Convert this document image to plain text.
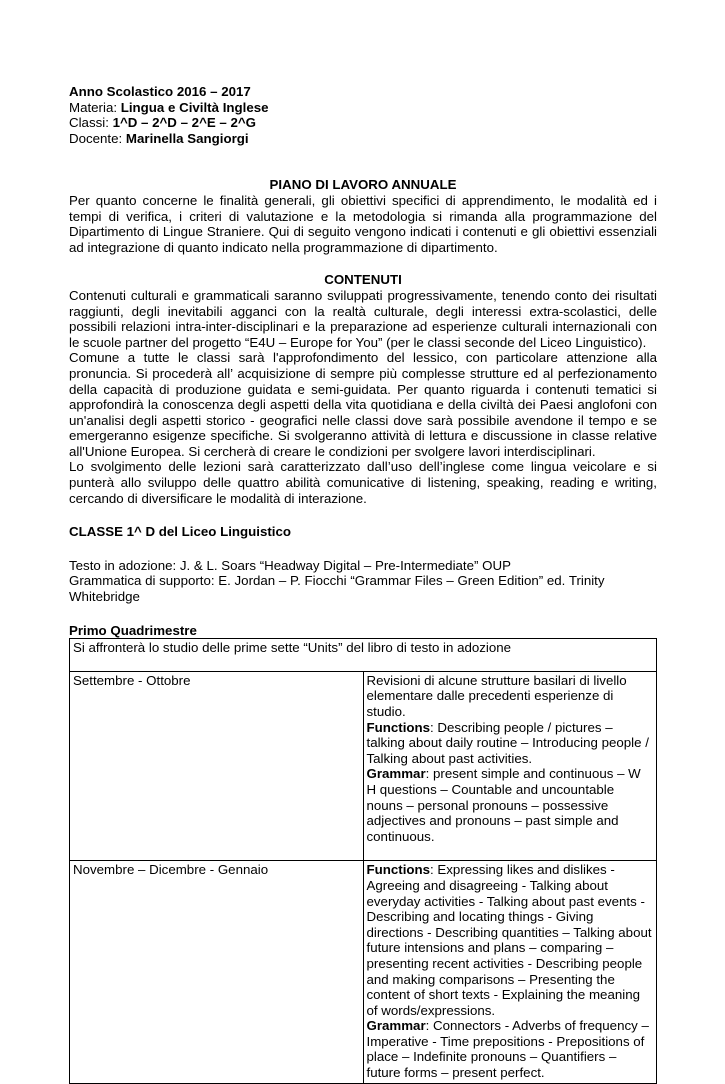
Anno Scolastico 2016 – 2017
Materia: Lingua e Civiltà Inglese
Classi: 1^D – 2^D – 2^E – 2^G
Docente: Marinella Sangiorgi
PIANO DI LAVORO ANNUALE

Per quanto concerne le finalità generali, gli obiettivi specifici di apprendimento, le modalità ed i tempi di verifica, i criteri di valutazione e la metodologia si rimanda alla programmazione del Dipartimento di Lingue Straniere. Qui di seguito vengono indicati i contenuti e gli obiettivi essenziali ad integrazione di quanto indicato nella programmazione di dipartimento.

CONTENUTI

Contenuti culturali e grammaticali saranno sviluppati progressivamente, tenendo conto dei risultati raggiunti, degli inevitabili agganci con la realtà culturale, degli interessi extra-scolastici, delle possibili relazioni intra-inter-disciplinari e la preparazione ad esperienze culturali internazionali con le scuole partner del progetto “E4U – Europe for You” (per le classi seconde del Liceo Linguistico).

Comune a tutte le classi sarà l'approfondimento del lessico, con particolare attenzione alla pronuncia. Si procederà all’ acquisizione di sempre più complesse strutture ed al perfezionamento della capacità di produzione guidata e semi-guidata. Per quanto riguarda i contenuti tematici si approfondirà la conoscenza degli aspetti della vita quotidiana e della civiltà dei Paesi anglofoni con un'analisi degli aspetti storico - geografici nelle classi dove sarà possibile avendone il tempo e se emergeranno esigenze specifiche. Si svolgeranno attività di lettura e discussione in classe relative all'Unione Europea. Si cercherà di creare le condizioni per svolgere lavori interdisciplinari.

Lo svolgimento delle lezioni sarà caratterizzato dall’uso dell’inglese come lingua veicolare e si punterà allo sviluppo delle quattro abilità comunicative di listening, speaking, reading e writing, cercando di diversificare le modalità di interazione.

CLASSE 1^ D del Liceo Linguistico
Testo in adozione: J. & L. Soars “Headway Digital – Pre-Intermediate” OUP
Grammatica di supporto: E. Jordan – P. Fiocchi “Grammar Files – Green Edition” ed. Trinity
Whitebridge
Primo Quadrimestre
Si affronterà lo studio delle prime sette “Units” del libro di testo in adozione	
Settembre - Ottobre	Revisioni di alcune strutture basilari di livello elementare dalle precedenti esperienze di studio.
Functions: Describing people / pictures – talking about daily routine – Introducing people / Talking about past activities.
Grammar: present simple and continuous – W H questions – Countable and uncountable nouns – personal pronouns – possessive adjectives and pronouns – past simple and continuous.

Novembre – Dicembre - Gennaio	Functions: Expressing likes and dislikes - Agreeing and disagreeing - Talking about everyday activities - Talking about past events - Describing and locating things - Giving directions - Describing quantities – Talking about future intensions and plans – comparing – presenting recent activities - Describing people and making comparisons – Presenting the content of short texts - Explaining the meaning of words/expressions.
Grammar: Connectors - Adverbs of frequency – Imperative - Time prepositions - Prepositions of place – Indefinite pronouns – Quantifiers – future forms – present perfect.
